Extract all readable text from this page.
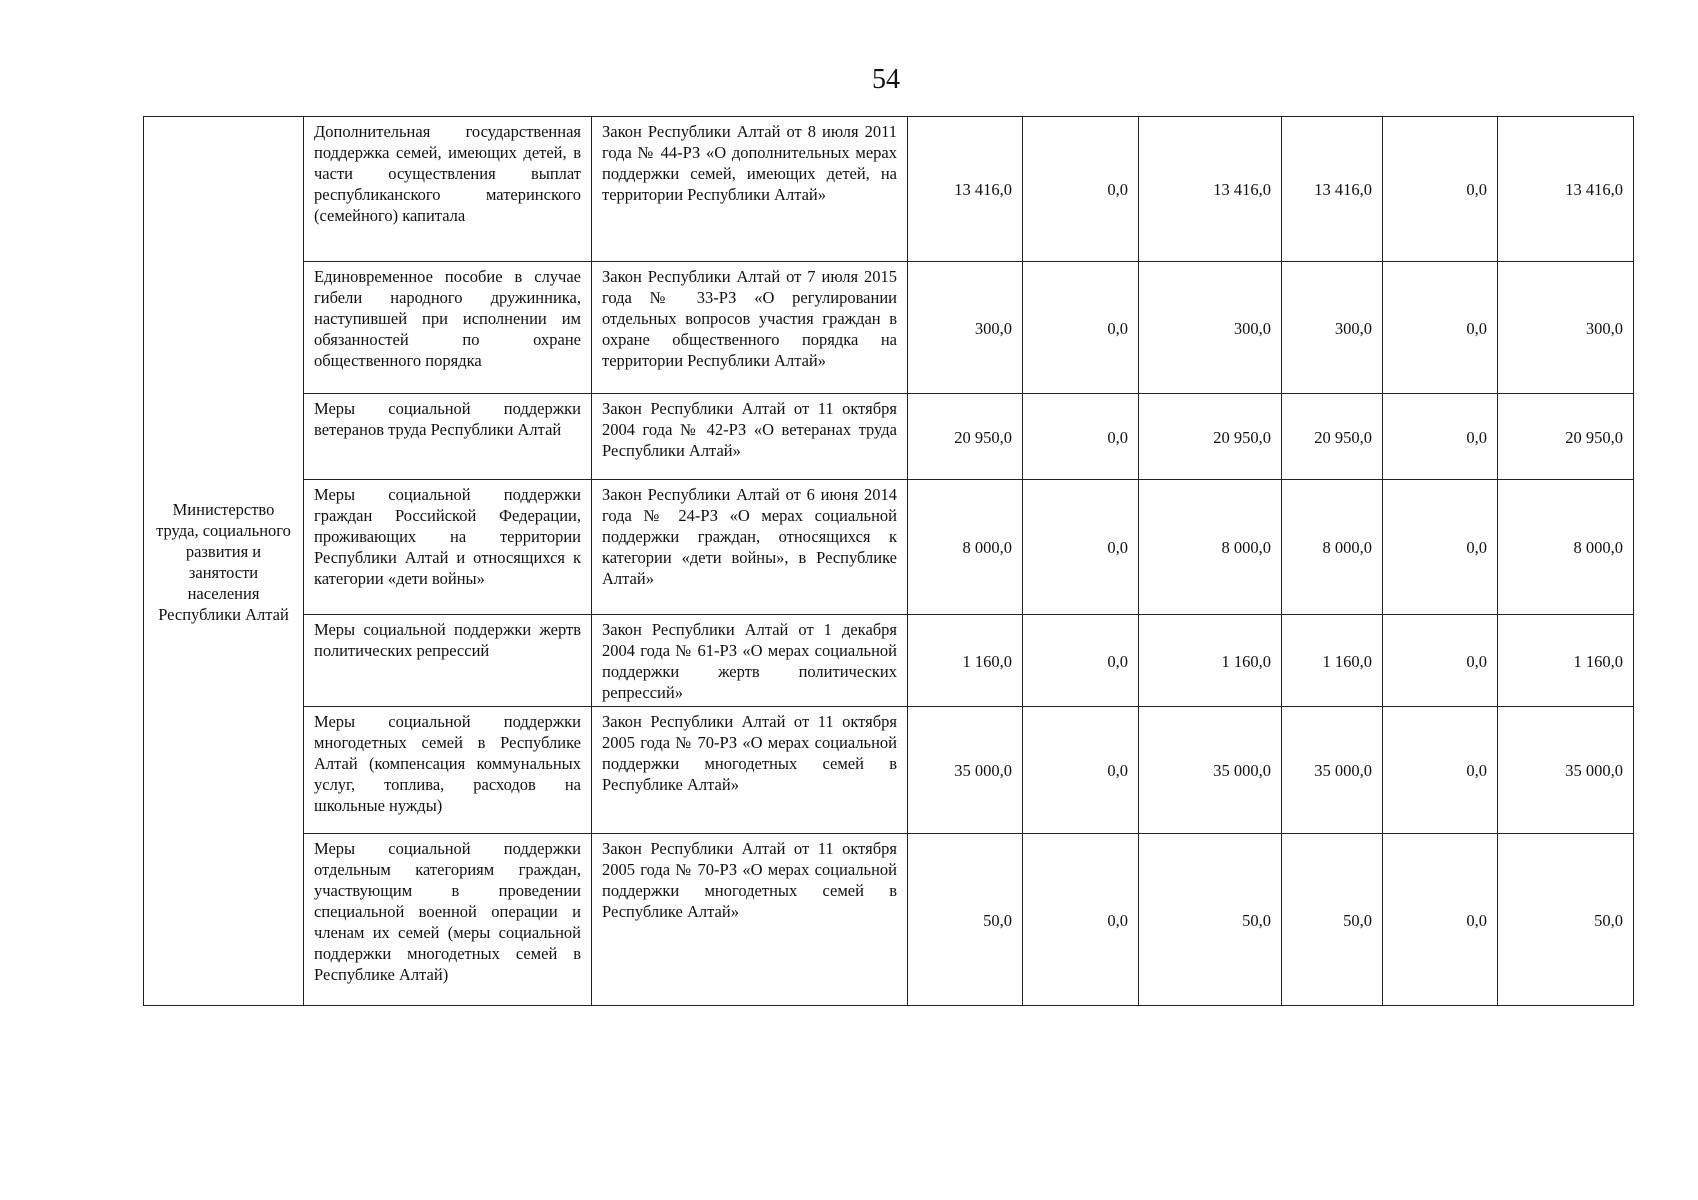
54
Министерство труда, социального развития и занятости населения Республики Алтай	Дополнительная государственная поддержка семей, имеющих детей, в части осуществления выплат республиканского материнского (семейного) капитала	Закон Республики Алтай от 8 июля 2011 года № 44-РЗ «О дополнительных мерах поддержки семей, имеющих детей, на территории Республики Алтай»	13 416,0	0,0	13 416,0	13 416,0	0,0	13 416,0
	Единовременное пособие в случае гибели народного дружинника, наступившей при исполнении им обязанностей по охране общественного порядка	Закон Республики Алтай от 7 июля 2015 года № 33-РЗ «О регулировании отдельных вопросов участия граждан в охране общественного порядка на территории Республики Алтай»	300,0	0,0	300,0	300,0	0,0	300,0
	Меры социальной поддержки ветеранов труда Республики Алтай	Закон Республики Алтай от 11 октября 2004 года № 42-РЗ «О ветеранах труда Республики Алтай»	20 950,0	0,0	20 950,0	20 950,0	0,0	20 950,0
	Меры социальной поддержки граждан Российской Федерации, проживающих на территории Республики Алтай и относящихся к категории «дети войны»	Закон Республики Алтай от 6 июня 2014 года № 24-РЗ «О мерах социальной поддержки граждан, относящихся к категории «дети войны», в Республике Алтай»	8 000,0	0,0	8 000,0	8 000,0	0,0	8 000,0
	Меры социальной поддержки жертв политических репрессий	Закон Республики Алтай от 1 декабря 2004 года № 61-РЗ «О мерах социальной поддержки жертв политических репрессий»	1 160,0	0,0	1 160,0	1 160,0	0,0	1 160,0
	Меры социальной поддержки многодетных семей в Республике Алтай (компенсация коммунальных услуг, топлива, расходов на школьные нужды)	Закон Республики Алтай от 11 октября 2005 года № 70-РЗ «О мерах социальной поддержки многодетных семей в Республике Алтай»	35 000,0	0,0	35 000,0	35 000,0	0,0	35 000,0
	Меры социальной поддержки отдельным категориям граждан, участвующим в проведении специальной военной операции и членам их семей (меры социальной поддержки многодетных семей в Республике Алтай)	Закон Республики Алтай от 11 октября 2005 года № 70-РЗ «О мерах социальной поддержки многодетных семей в Республике Алтай»	50,0	0,0	50,0	50,0	0,0	50,0
